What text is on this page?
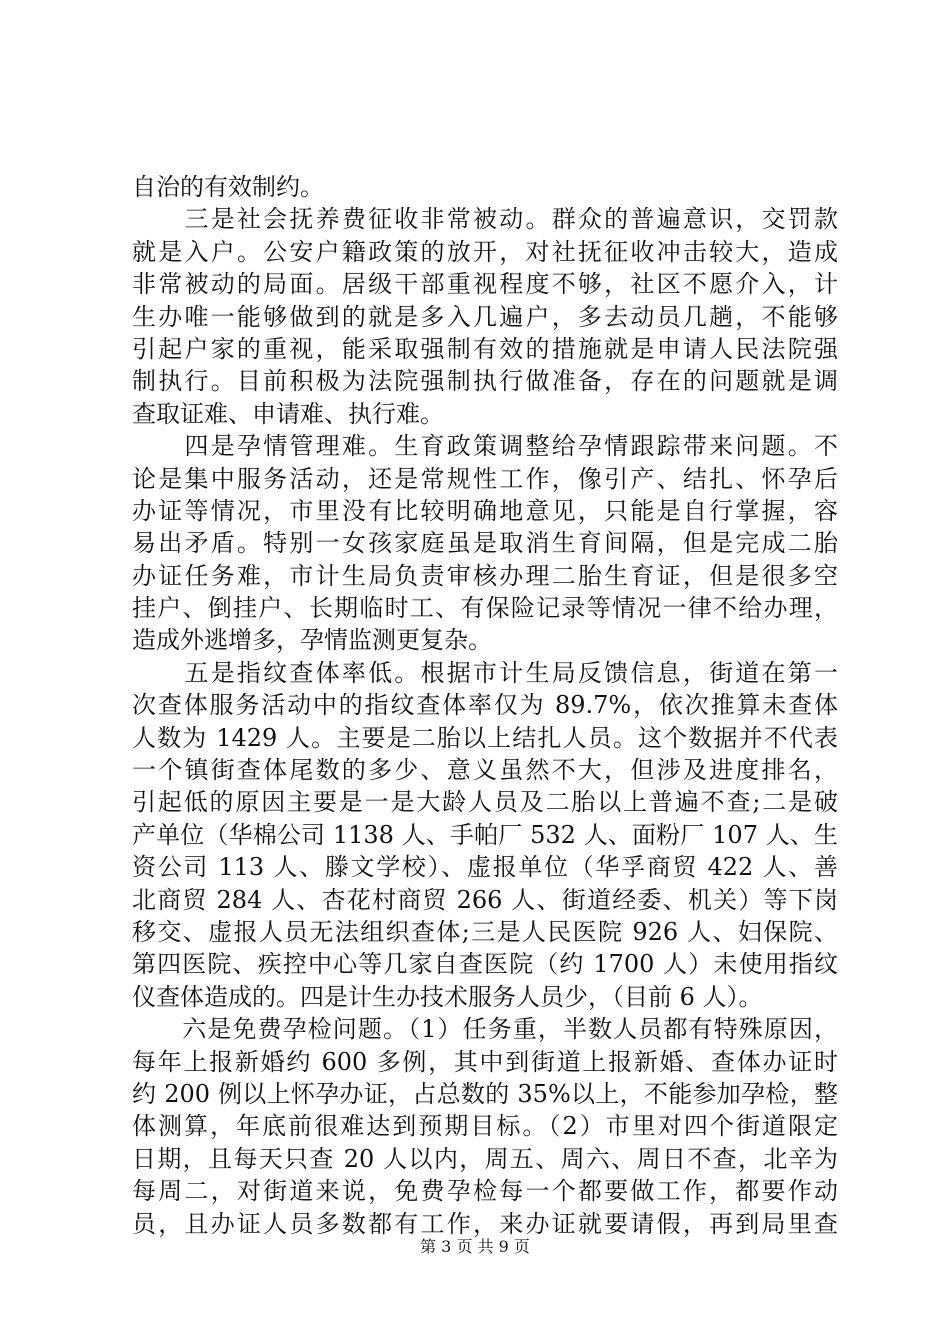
自治的有效制约。
　　三是社会抚养费征收非常被动。群众的普遍意识，交罚款
就是入户。公安户籍政策的放开，对社抚征收冲击较大，造成
非常被动的局面。居级干部重视程度不够，社区不愿介入，计
生办唯一能够做到的就是多入几遍户，多去动员几趟，不能够
引起户家的重视，能采取强制有效的措施就是申请人民法院强
制执行。目前积极为法院强制执行做准备，存在的问题就是调
查取证难、申请难、执行难。
　　四是孕情管理难。生育政策调整给孕情跟踪带来问题。不
论是集中服务活动，还是常规性工作，像引产、结扎、怀孕后
办证等情况，市里没有比较明确地意见，只能是自行掌握，容
易出矛盾。特别一女孩家庭虽是取消生育间隔，但是完成二胎
办证任务难，市计生局负责审核办理二胎生育证，但是很多空
挂户、倒挂户、长期临时工、有保险记录等情况一律不给办理，
造成外逃增多，孕情监测更复杂。
　　五是指纹查体率低。根据市计生局反馈信息，街道在第一
次查体服务活动中的指纹查体率仅为 89.7%，依次推算未查体
人数为 1429 人。主要是二胎以上结扎人员。这个数据并不代表
一个镇街查体尾数的多少、意义虽然不大，但涉及进度排名，
引起低的原因主要是一是大龄人员及二胎以上普遍不查;二是破
产单位（华棉公司 1138 人、手帕厂 532 人、面粉厂 107 人、生
资公司 113 人、滕文学校）、虚报单位（华孚商贸 422 人、善
北商贸 284 人、杏花村商贸 266 人、街道经委、机关）等下岗
移交、虚报人员无法组织查体;三是人民医院 926 人、妇保院、
第四医院、疾控中心等几家自查医院（约 1700 人）未使用指纹
仪查体造成的。四是计生办技术服务人员少，（目前 6 人）。
　　六是免费孕检问题。（1）任务重，半数人员都有特殊原因，
每年上报新婚约 600 多例，其中到街道上报新婚、查体办证时
约 200 例以上怀孕办证，占总数的 35%以上，不能参加孕检，整
体测算，年底前很难达到预期目标。（2）市里对四个街道限定
日期，且每天只查 20 人以内，周五、周六、周日不查，北辛为
每周二，对街道来说，免费孕检每一个都要做工作，都要作动
员，且办证人员多数都有工作，来办证就要请假，再到局里查
第 3 页 共 9 页
